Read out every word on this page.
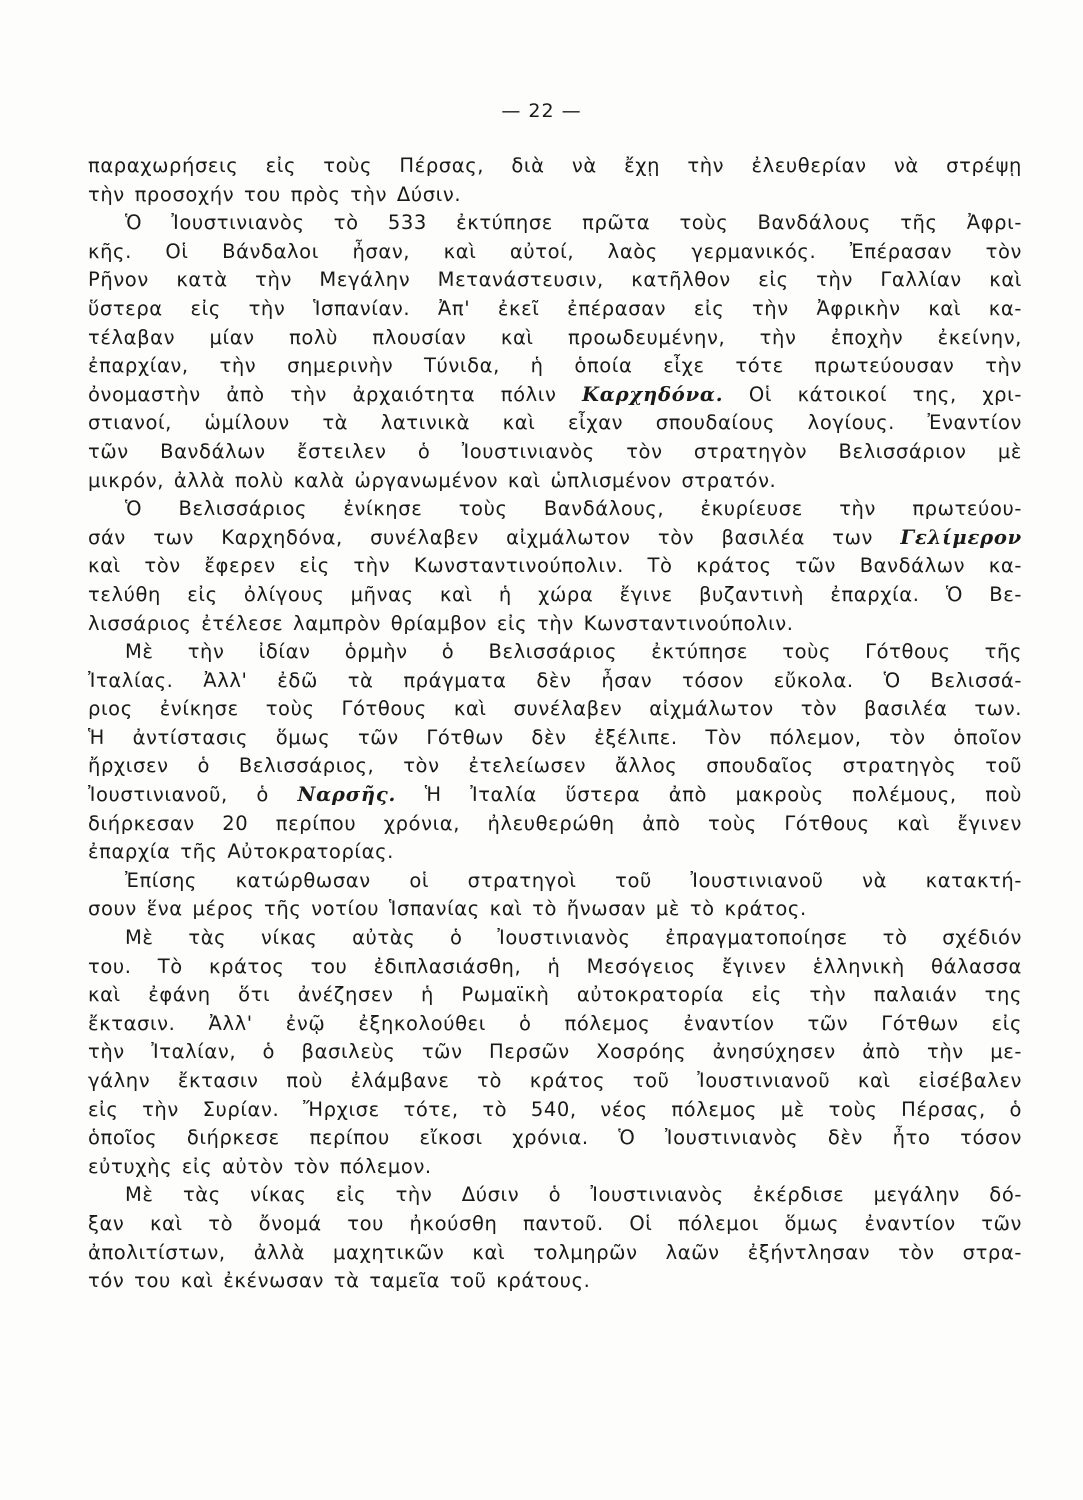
— 22 —
παραχωρήσεις εἰς τοὺς Πέρσας, διὰ νὰ ἔχῃ τὴν ἐλευθερίαν νὰ στρέψῃ
τὴν προσοχήν του πρὸς τὴν Δύσιν.
Ὁ Ἰουστινιανὸς τὸ 533 ἐκτύπησε πρῶτα τοὺς Βανδάλους τῆς Ἀφρι-
κῆς. Οἱ Βάνδαλοι ἦσαν, καὶ αὐτοί, λαὸς γερμανικός. Ἐπέρασαν τὸν
Ρῆνον κατὰ τὴν Μεγάλην Μετανάστευσιν, κατῆλθον εἰς τὴν Γαλλίαν καὶ
ὕστερα εἰς τὴν Ἱσπανίαν. Ἀπ' ἐκεῖ ἐπέρασαν εἰς τὴν Ἀφρικὴν καὶ κα-
τέλαβαν μίαν πολὺ πλουσίαν καὶ προωδευμένην, τὴν ἐποχὴν ἐκείνην,
ἐπαρχίαν, τὴν σημερινὴν Τύνιδα, ἡ ὁποία εἶχε τότε πρωτεύουσαν τὴν
ὀνομαστὴν ἀπὸ τὴν ἀρχαιότητα πόλιν Καρχηδόνα. Οἱ κάτοικοί της, χρι-
στιανοί, ὡμίλουν τὰ λατινικὰ καὶ εἶχαν σπουδαίους λογίους. Ἐναντίον
τῶν Βανδάλων ἔστειλεν ὁ Ἰουστινιανὸς τὸν στρατηγὸν Βελισσάριον μὲ
μικρόν, ἀλλὰ πολὺ καλὰ ὠργανωμένον καὶ ὡπλισμένον στρατόν.
Ὁ Βελισσάριος ἐνίκησε τοὺς Βανδάλους, ἐκυρίευσε τὴν πρωτεύου-
σάν των Καρχηδόνα, συνέλαβεν αἰχμάλωτον τὸν βασιλέα των Γελίμερον
καὶ τὸν ἔφερεν εἰς τὴν Κωνσταντινούπολιν. Τὸ κράτος τῶν Βανδάλων κα-
τελύθη εἰς ὀλίγους μῆνας καὶ ἡ χώρα ἔγινε βυζαντινὴ ἐπαρχία. Ὁ Βε-
λισσάριος ἐτέλεσε λαμπρὸν θρίαμβον εἰς τὴν Κωνσταντινούπολιν.
Μὲ τὴν ἰδίαν ὁρμὴν ὁ Βελισσάριος ἐκτύπησε τοὺς Γότθους τῆς
Ἰταλίας. Ἀλλ' ἐδῶ τὰ πράγματα δὲν ἦσαν τόσον εὔκολα. Ὁ Βελισσά-
ριος ἐνίκησε τοὺς Γότθους καὶ συνέλαβεν αἰχμάλωτον τὸν βασιλέα των.
Ἡ ἀντίστασις ὅμως τῶν Γότθων δὲν ἐξέλιπε. Τὸν πόλεμον, τὸν ὁποῖον
ἤρχισεν ὁ Βελισσάριος, τὸν ἐτελείωσεν ἄλλος σπουδαῖος στρατηγὸς τοῦ
Ἰουστινιανοῦ, ὁ Ναρσῆς. Ἡ Ἰταλία ὕστερα ἀπὸ μακροὺς πολέμους, ποὺ
διήρκεσαν 20 περίπου χρόνια, ἠλευθερώθη ἀπὸ τοὺς Γότθους καὶ ἔγινεν
ἐπαρχία τῆς Αὐτοκρατορίας.
Ἐπίσης κατώρθωσαν οἱ στρατηγοὶ τοῦ Ἰουστινιανοῦ νὰ κατακτή-
σουν ἕνα μέρος τῆς νοτίου Ἱσπανίας καὶ τὸ ἤνωσαν μὲ τὸ κράτος.
Μὲ τὰς νίκας αὐτὰς ὁ Ἰουστινιανὸς ἐπραγματοποίησε τὸ σχέδιόν
του. Τὸ κράτος του ἐδιπλασιάσθη, ἡ Μεσόγειος ἔγινεν ἑλληνικὴ θάλασσα
καὶ ἐφάνη ὅτι ἀνέζησεν ἡ Ρωμαϊκὴ αὐτοκρατορία εἰς τὴν παλαιάν της
ἔκτασιν. Ἀλλ' ἐνῷ ἐξηκολούθει ὁ πόλεμος ἐναντίον τῶν Γότθων εἰς
τὴν Ἰταλίαν, ὁ βασιλεὺς τῶν Περσῶν Χοσρόης ἀνησύχησεν ἀπὸ τὴν με-
γάλην ἔκτασιν ποὺ ἐλάμβανε τὸ κράτος τοῦ Ἰουστινιανοῦ καὶ εἰσέβαλεν
εἰς τὴν Συρίαν. Ἤρχισε τότε, τὸ 540, νέος πόλεμος μὲ τοὺς Πέρσας, ὁ
ὁποῖος διήρκεσε περίπου εἴκοσι χρόνια. Ὁ Ἰουστινιανὸς δὲν ἦτο τόσον
εὐτυχὴς εἰς αὐτὸν τὸν πόλεμον.
Μὲ τὰς νίκας εἰς τὴν Δύσιν ὁ Ἰουστινιανὸς ἐκέρδισε μεγάλην δό-
ξαν καὶ τὸ ὄνομά του ἠκούσθη παντοῦ. Οἱ πόλεμοι ὅμως ἐναντίον τῶν
ἀπολιτίστων, ἀλλὰ μαχητικῶν καὶ τολμηρῶν λαῶν ἐξήντλησαν τὸν στρα-
τόν του καὶ ἐκένωσαν τὰ ταμεῖα τοῦ κράτους.
